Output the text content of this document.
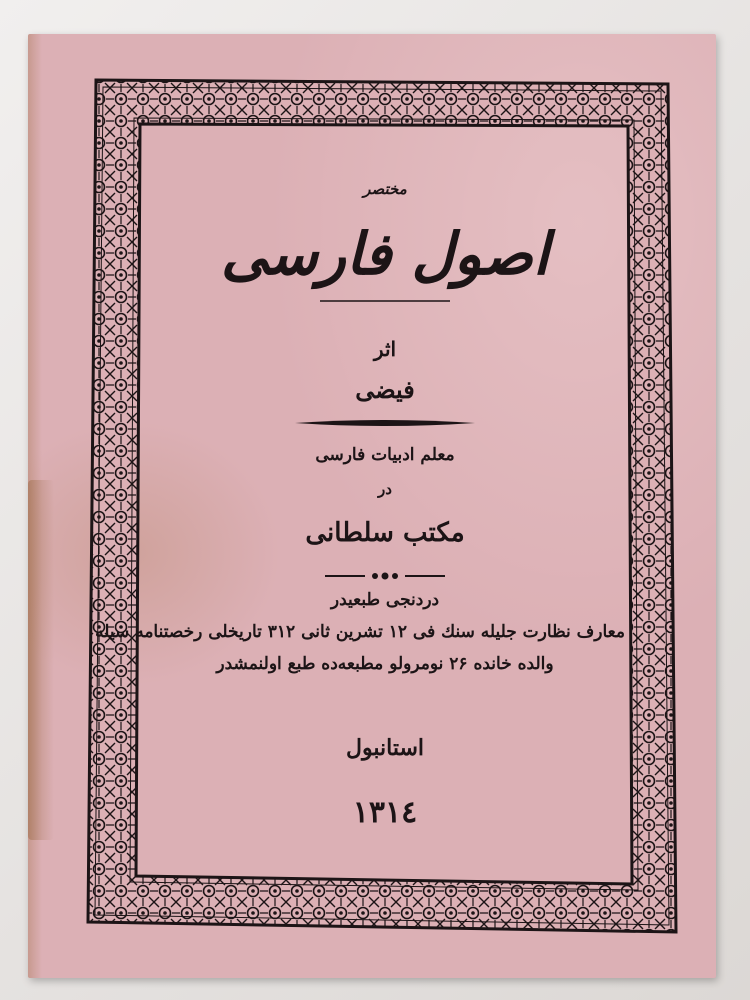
مختصر
اصول فارسی
اثر
فیضی
معلم ادبیات فارسی
در
مکتب سلطانی
دردنجی طبعیدر
معارف نظارت جلیله سنك فی ۱۲ تشرین ثانی ۳۱۲ تاریخلی رخصتنامه سیله
والده خانده ۲۶ نومرولو مطبعه‌ده طبع اولنمشدر
استانبول
١٣١٤
